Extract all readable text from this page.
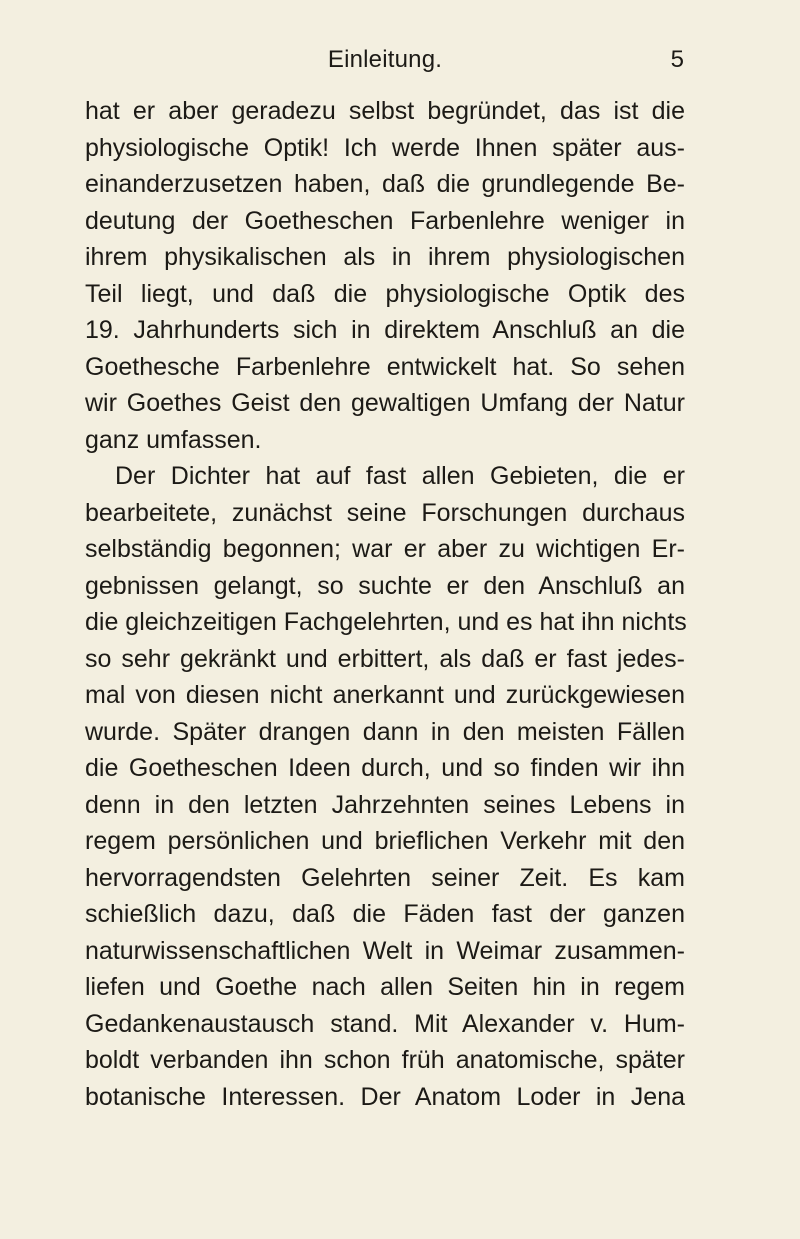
Einleitung.	5
hat er aber geradezu selbst begründet, das ist die
physiologische Optik! Ich werde Ihnen später aus-
einanderzusetzen haben, daß die grundlegende Be-
deutung der Goetheschen Farbenlehre weniger in
ihrem physikalischen als in ihrem physiologischen
Teil liegt, und daß die physiologische Optik des
19. Jahrhunderts sich in direktem Anschluß an die
Goethesche Farbenlehre entwickelt hat. So sehen
wir Goethes Geist den gewaltigen Umfang der Natur
ganz umfassen.
Der Dichter hat auf fast allen Gebieten, die er
bearbeitete, zunächst seine Forschungen durchaus
selbständig begonnen; war er aber zu wichtigen Er-
gebnissen gelangt, so suchte er den Anschluß an
die gleichzeitigen Fachgelehrten, und es hat ihn nichts
so sehr gekränkt und erbittert, als daß er fast jedes-
mal von diesen nicht anerkannt und zurückgewiesen
wurde. Später drangen dann in den meisten Fällen
die Goetheschen Ideen durch, und so finden wir ihn
denn in den letzten Jahrzehnten seines Lebens in
regem persönlichen und brieflichen Verkehr mit den
hervorragendsten Gelehrten seiner Zeit. Es kam
schießlich dazu, daß die Fäden fast der ganzen
naturwissenschaftlichen Welt in Weimar zusammen-
liefen und Goethe nach allen Seiten hin in regem
Gedankenaustausch stand. Mit Alexander v. Hum-
boldt verbanden ihn schon früh anatomische, später
botanische Interessen. Der Anatom Loder in Jena
